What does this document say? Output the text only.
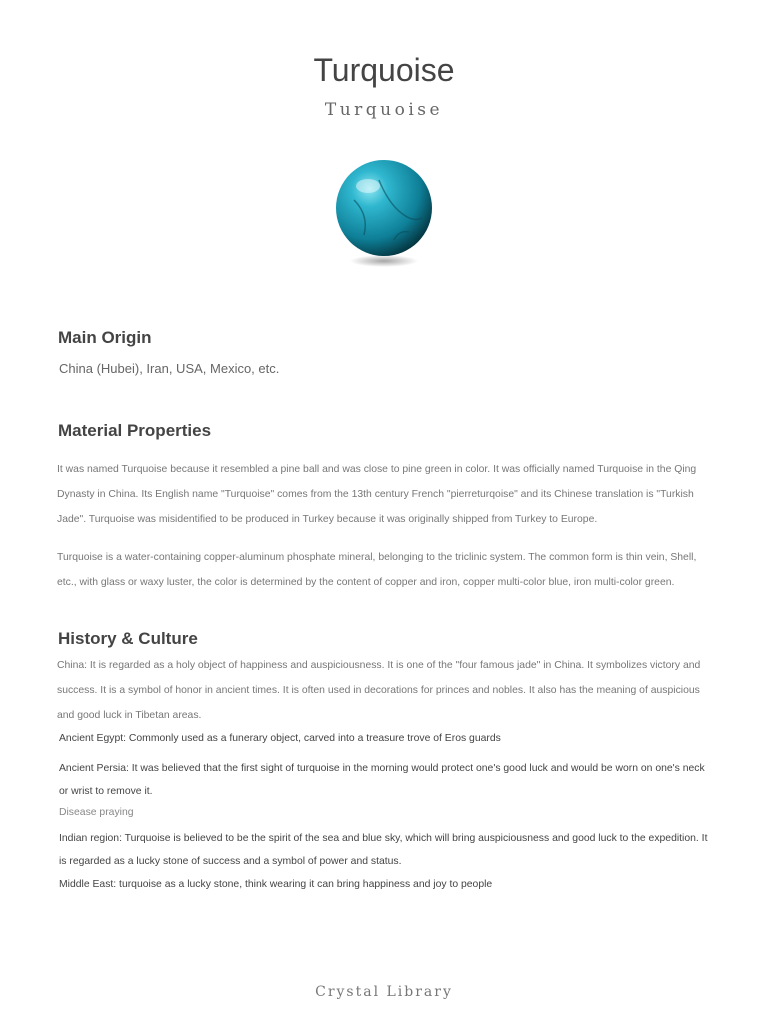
Turquoise
Turquoise
Main Origin
China (Hubei), Iran, USA, Mexico, etc.
Material Properties
It was named Turquoise because it resembled a pine ball and was close to pine green in color. It was officially named Turquoise in the Qing Dynasty in China. Its English name "Turquoise" comes from the 13th century French "pierreturqoise" and its Chinese translation is "Turkish Jade". Turquoise was misidentified to be produced in Turkey because it was originally shipped from Turkey to Europe.
Turquoise is a water-containing copper-aluminum phosphate mineral, belonging to the triclinic system. The common form is thin vein, Shell, etc., with glass or waxy luster, the color is determined by the content of copper and iron, copper multi-color blue, iron multi-color green.
History & Culture
China: It is regarded as a holy object of happiness and auspiciousness. It is one of the "four famous jade" in China. It symbolizes victory and success. It is a symbol of honor in ancient times. It is often used in decorations for princes and nobles. It also has the meaning of auspicious and good luck in Tibetan areas.
Ancient Egypt: Commonly used as a funerary object, carved into a treasure trove of Eros guards
Ancient Persia: It was believed that the first sight of turquoise in the morning would protect one's good luck and would be worn on one's neck or wrist to remove it.
Disease praying
Indian region: Turquoise is believed to be the spirit of the sea and blue sky, which will bring auspiciousness and good luck to the expedition. It is regarded as a lucky stone of success and a symbol of power and status.
Middle East: turquoise as a lucky stone, think wearing it can bring happiness and joy to people
Crystal Library
